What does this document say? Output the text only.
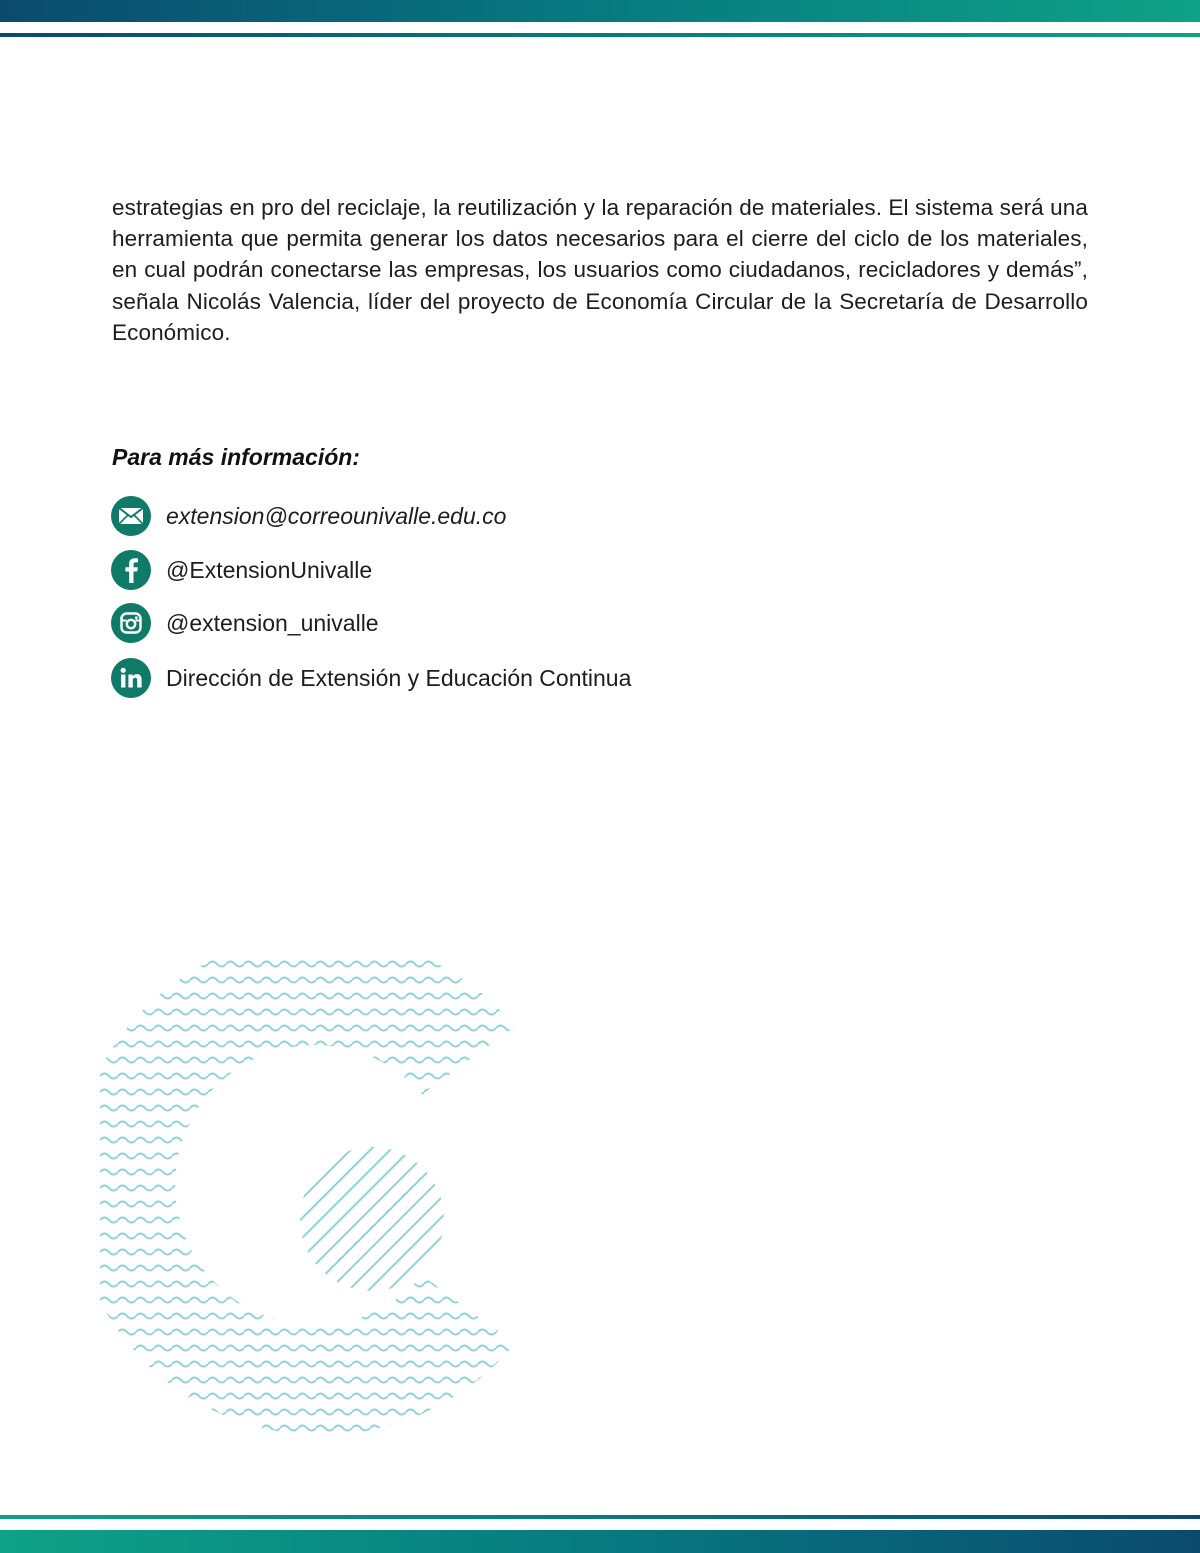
estrategias en pro del reciclaje, la reutilización y la reparación de materiales. El sistema será una herramienta que permita generar los datos necesarios para el cierre del ciclo de los materiales, en cual podrán conectarse las empresas, los usuarios como ciudadanos, recicladores y demás”, señala Nicolás Valencia, líder del proyecto de Economía Circular de la Secretaría de Desarrollo Económico.

Para más información:

extension@correounivalle.edu.co
@ExtensionUnivalle
@extension_univalle
Dirección de Extensión y Educación Continua
